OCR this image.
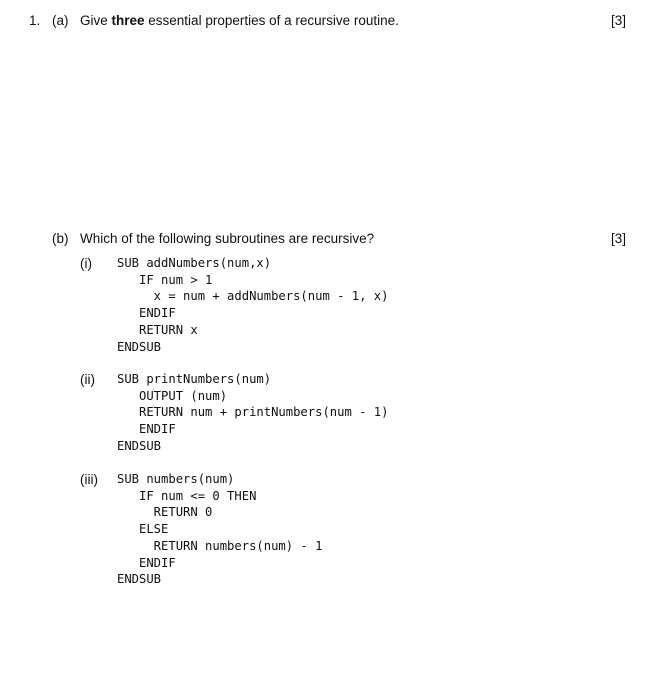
1. (a) Give three essential properties of a recursive routine.	[3]
(b) Which of the following subroutines are recursive?	[3]
(i) SUB addNumbers(num,x)
IF num > 1
x = num + addNumbers(num - 1, x)
ENDIF
RETURN x
ENDSUB
(ii) SUB printNumbers(num)
OUTPUT (num)
RETURN num + printNumbers(num - 1)
ENDIF
ENDSUB
(iii) SUB numbers(num)
IF num <= 0 THEN
RETURN 0
ELSE
RETURN numbers(num) - 1
ENDIF
ENDSUB
